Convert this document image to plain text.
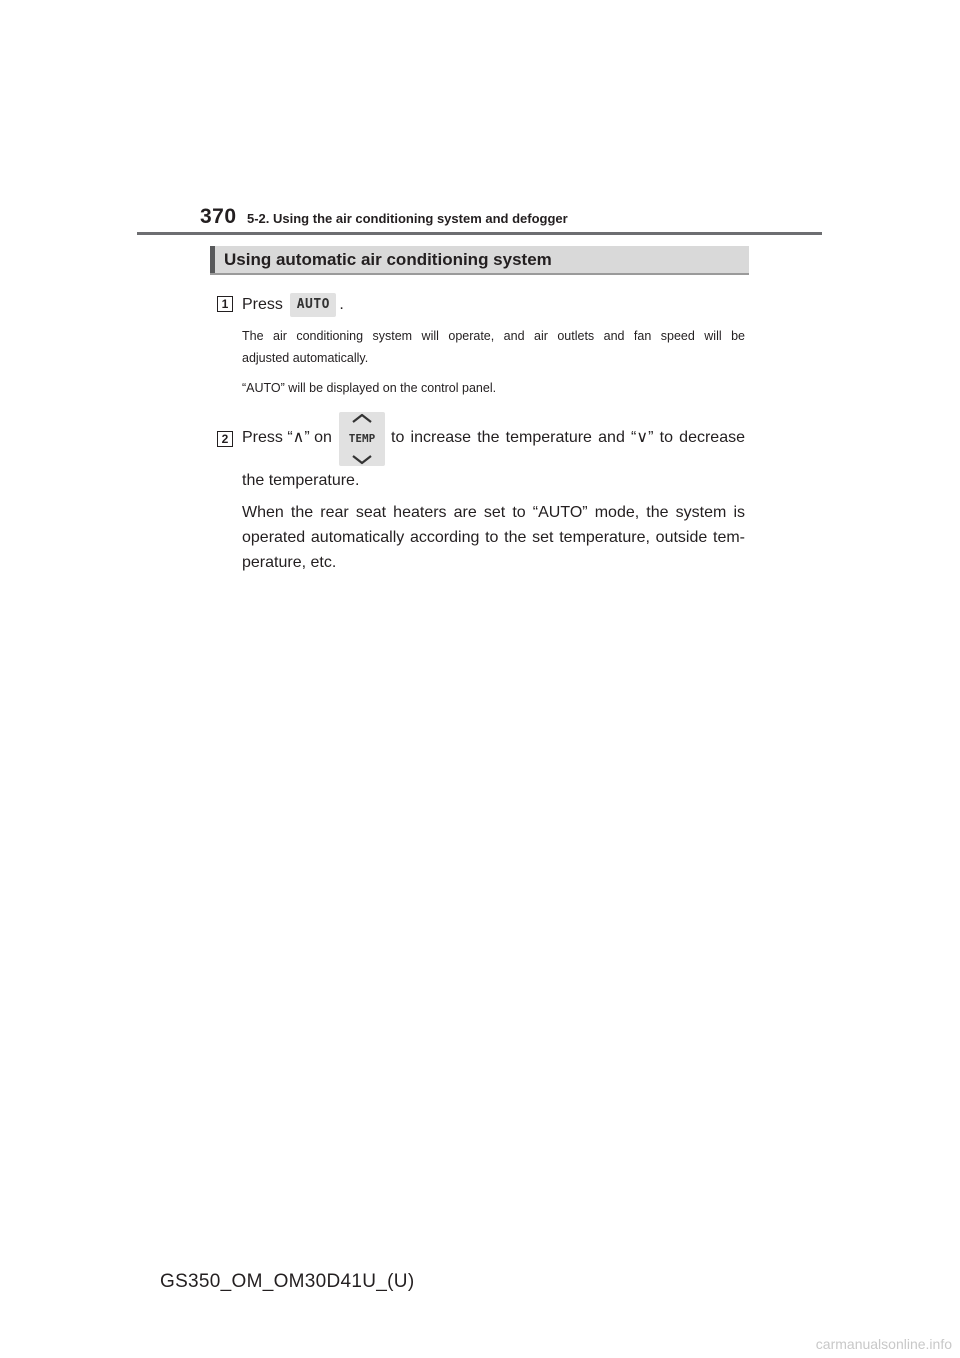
370 5-2. Using the air conditioning system and defogger
Using automatic air conditioning system
1 Press AUTO .
The air conditioning system will operate, and air outlets and fan speed will be
adjusted automatically.
“AUTO” will be displayed on the control panel.
2 Press “∧” on	TEMP to increase the temperature and “∨” to decrease
the temperature.
When the rear seat heaters are set to “AUTO” mode, the system is
operated automatically according to the set temperature, outside tem-
perature, etc.
GS350_OM_OM30D41U_(U)
carmanualsonline.info
